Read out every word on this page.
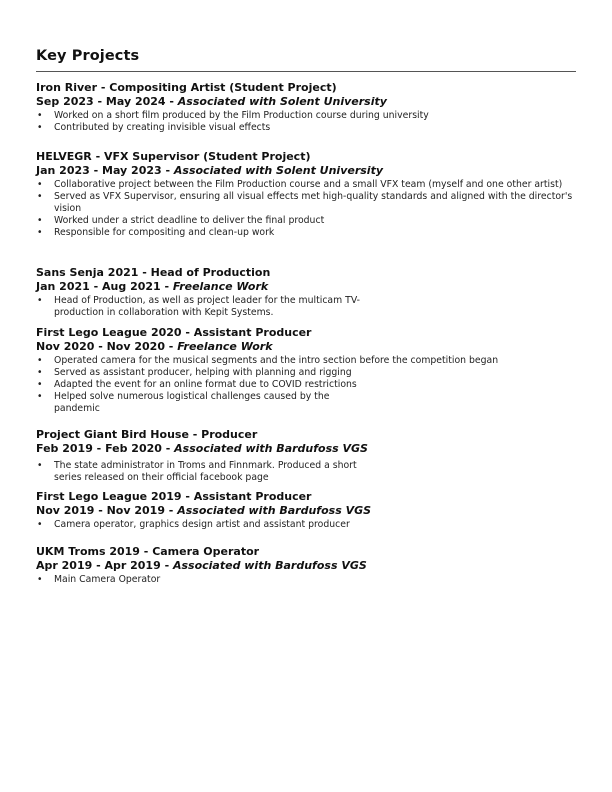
Key Projects
Iron River - Compositing Artist (Student Project)
Sep 2023 - May 2024 - Associated with Solent University
• Worked on a short film produced by the Film Production course during university
• Contributed by creating invisible visual effects
HELVEGR - VFX Supervisor (Student Project)
Jan 2023 - May 2023 - Associated with Solent University
• Collaborative project between the Film Production course and a small VFX team (myself and one other artist)
• Served as VFX Supervisor, ensuring all visual effects met high-quality standards and aligned with the director's vision
• Worked under a strict deadline to deliver the final product
• Responsible for compositing and clean-up work
Sans Senja 2021 - Head of Production
Jan 2021 - Aug 2021 - Freelance Work
• Head of Production, as well as project leader for the multicam TV-production in collaboration with Kepit Systems.
First Lego League 2020 - Assistant Producer
Nov 2020 - Nov 2020 - Freelance Work
• Operated camera for the musical segments and the intro section before the competition began
• Served as assistant producer, helping with planning and rigging
• Adapted the event for an online format due to COVID restrictions
• Helped solve numerous logistical challenges caused by the pandemic
Project Giant Bird House - Producer
Feb 2019 - Feb 2020 - Associated with Bardufoss VGS
• The state administrator in Troms and Finnmark. Produced a short series released on their official facebook page
First Lego League 2019 - Assistant Producer
Nov 2019 - Nov 2019 - Associated with Bardufoss VGS
• Camera operator, graphics design artist and assistant producer
UKM Troms 2019 - Camera Operator
Apr 2019 - Apr 2019 - Associated with Bardufoss VGS
• Main Camera Operator
